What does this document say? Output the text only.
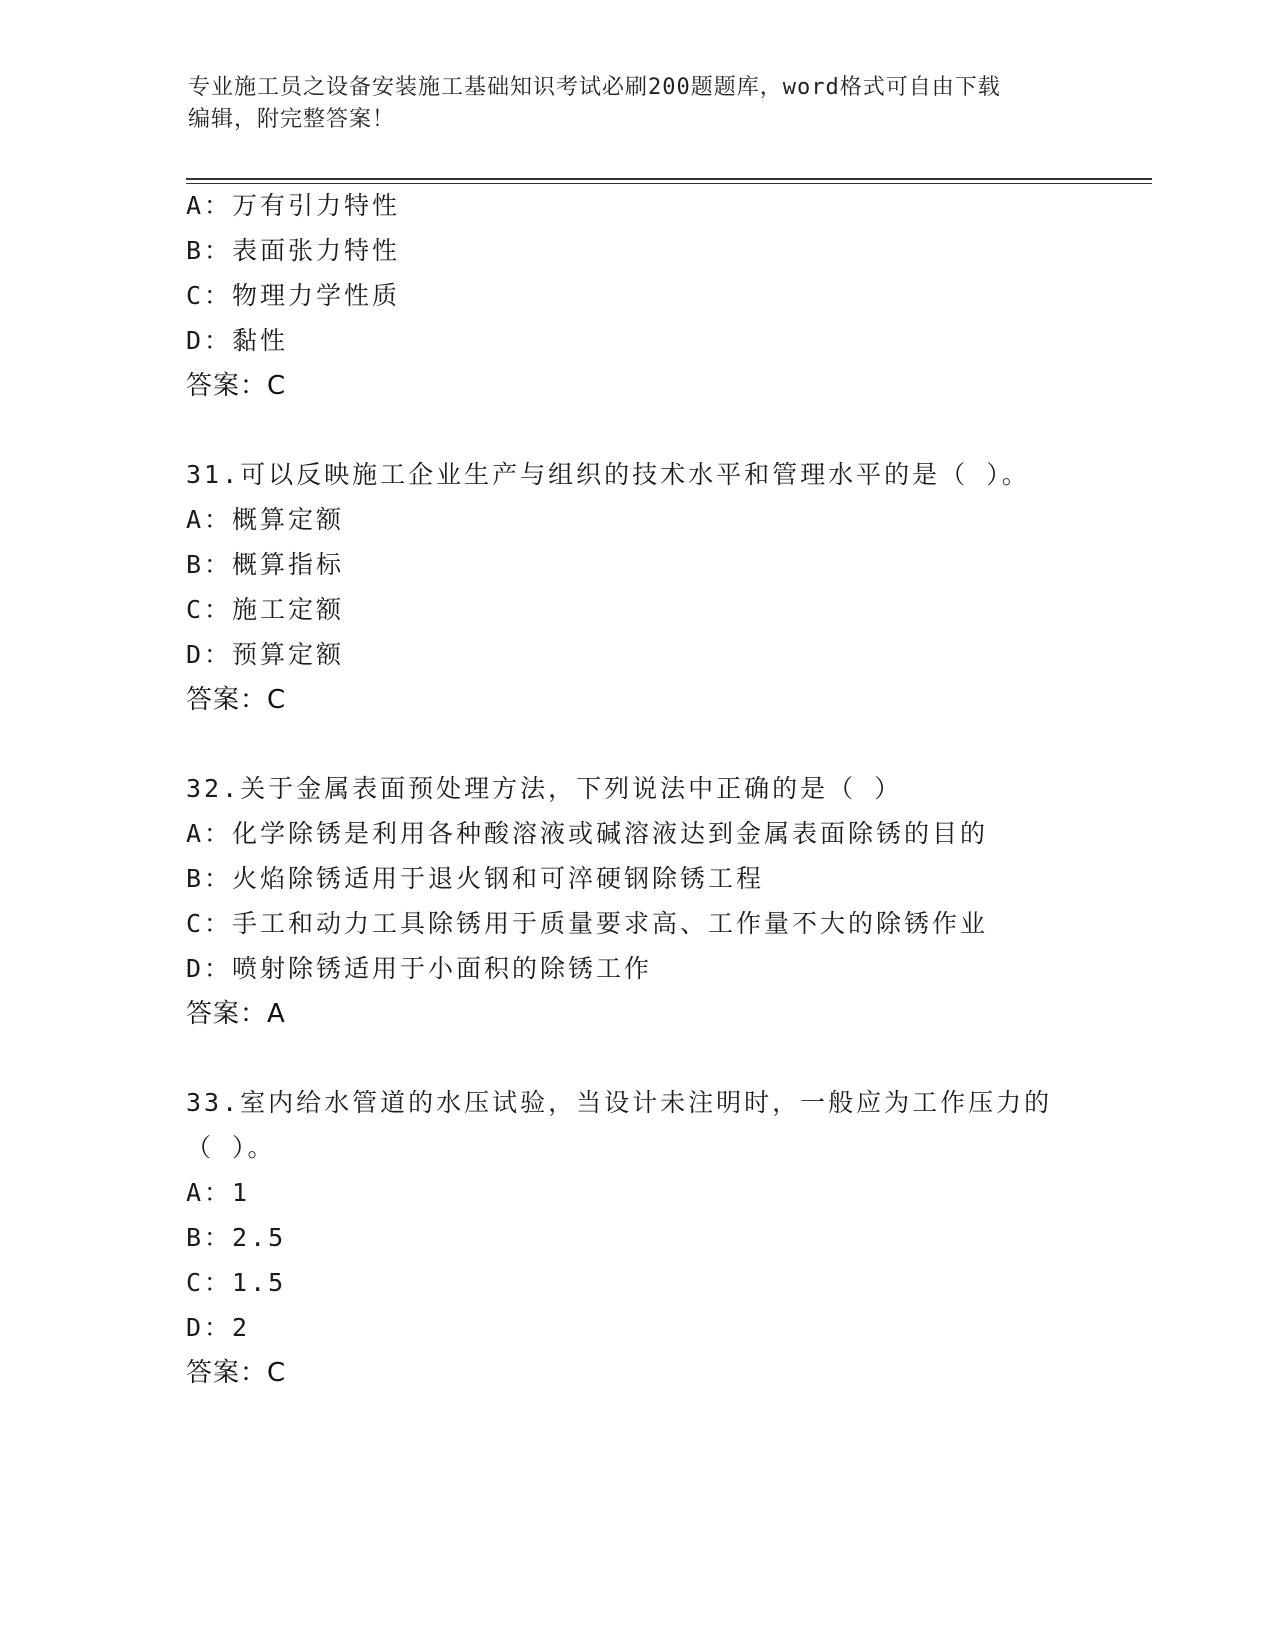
专业施工员之设备安装施工基础知识考试必刷200题题库，word格式可自由下载
编辑，附完整答案！
A：万有引力特性
B：表面张力特性
C：物理力学性质
D：黏性
答案：C
31.可以反映施工企业生产与组织的技术水平和管理水平的是（ ）。
A：概算定额
B：概算指标
C：施工定额
D：预算定额
答案：C
32.关于金属表面预处理方法，下列说法中正确的是（ ）
A：化学除锈是利用各种酸溶液或碱溶液达到金属表面除锈的目的
B：火焰除锈适用于退火钢和可淬硬钢除锈工程
C：手工和动力工具除锈用于质量要求高、工作量不大的除锈作业
D：喷射除锈适用于小面积的除锈工作
答案：A
33.室内给水管道的水压试验，当设计未注明时，一般应为工作压力的
（ ）。
A：1
B：2.5
C：1.5
D：2
答案：C
